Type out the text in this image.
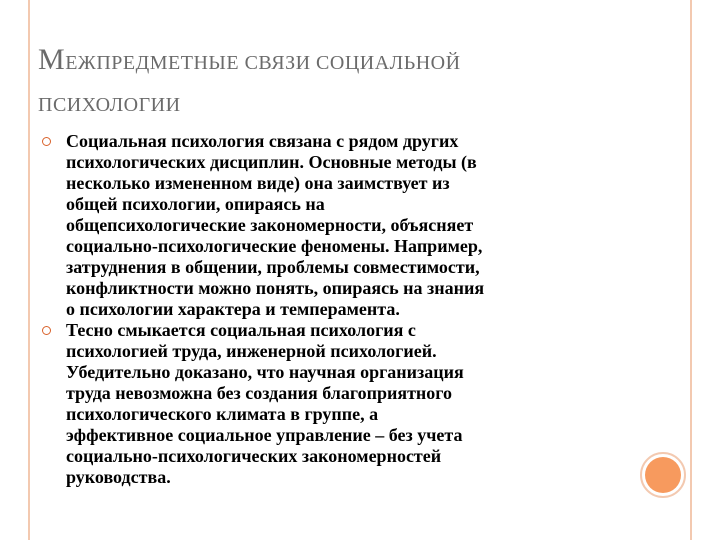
МЕЖПРЕДМЕТНЫЕ СВЯЗИ СОЦИАЛЬНОЙ
ПСИХОЛОГИИ
Социальная психология связана с рядом других
психологических дисциплин. Основные методы (в
несколько измененном виде) она заимствует из
общей психологии, опираясь на
общепсихологические закономерности, объясняет
социально-психологические феномены. Например,
затруднения в общении, проблемы совместимости,
конфликтности можно понять, опираясь на знания
о психологии характера и темперамента.
Тесно смыкается социальная психология с
психологией труда, инженерной психологией.
Убедительно доказано, что научная организация
труда невозможна без создания благоприятного
психологического климата в группе, а
эффективное социальное управление – без учета
социально-психологических закономерностей
руководства.
